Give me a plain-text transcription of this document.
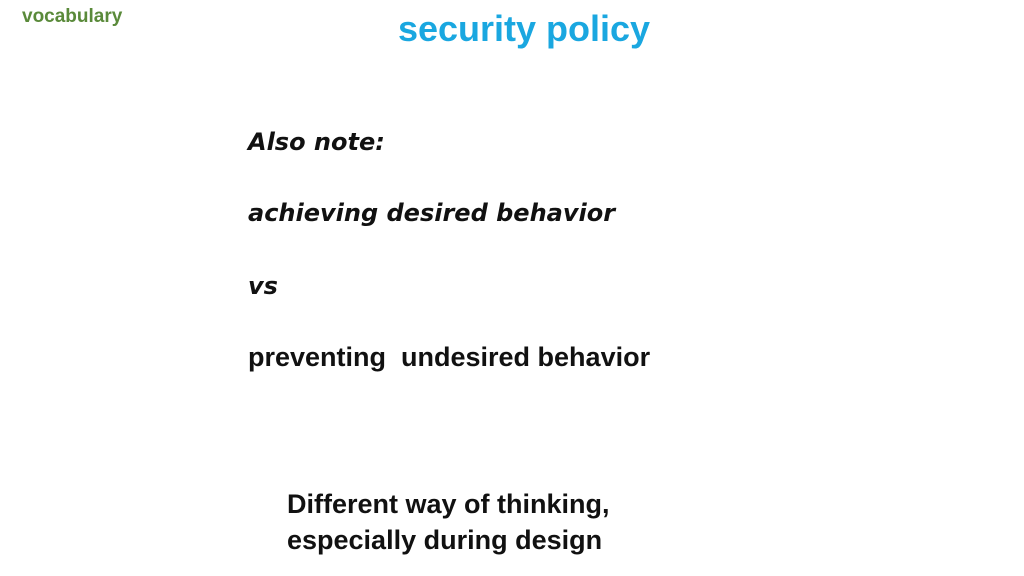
vocabulary	security policy
Also note:
achieving desired behavior
vs
preventing  undesired behavior
Different way of thinking,
especially during design
